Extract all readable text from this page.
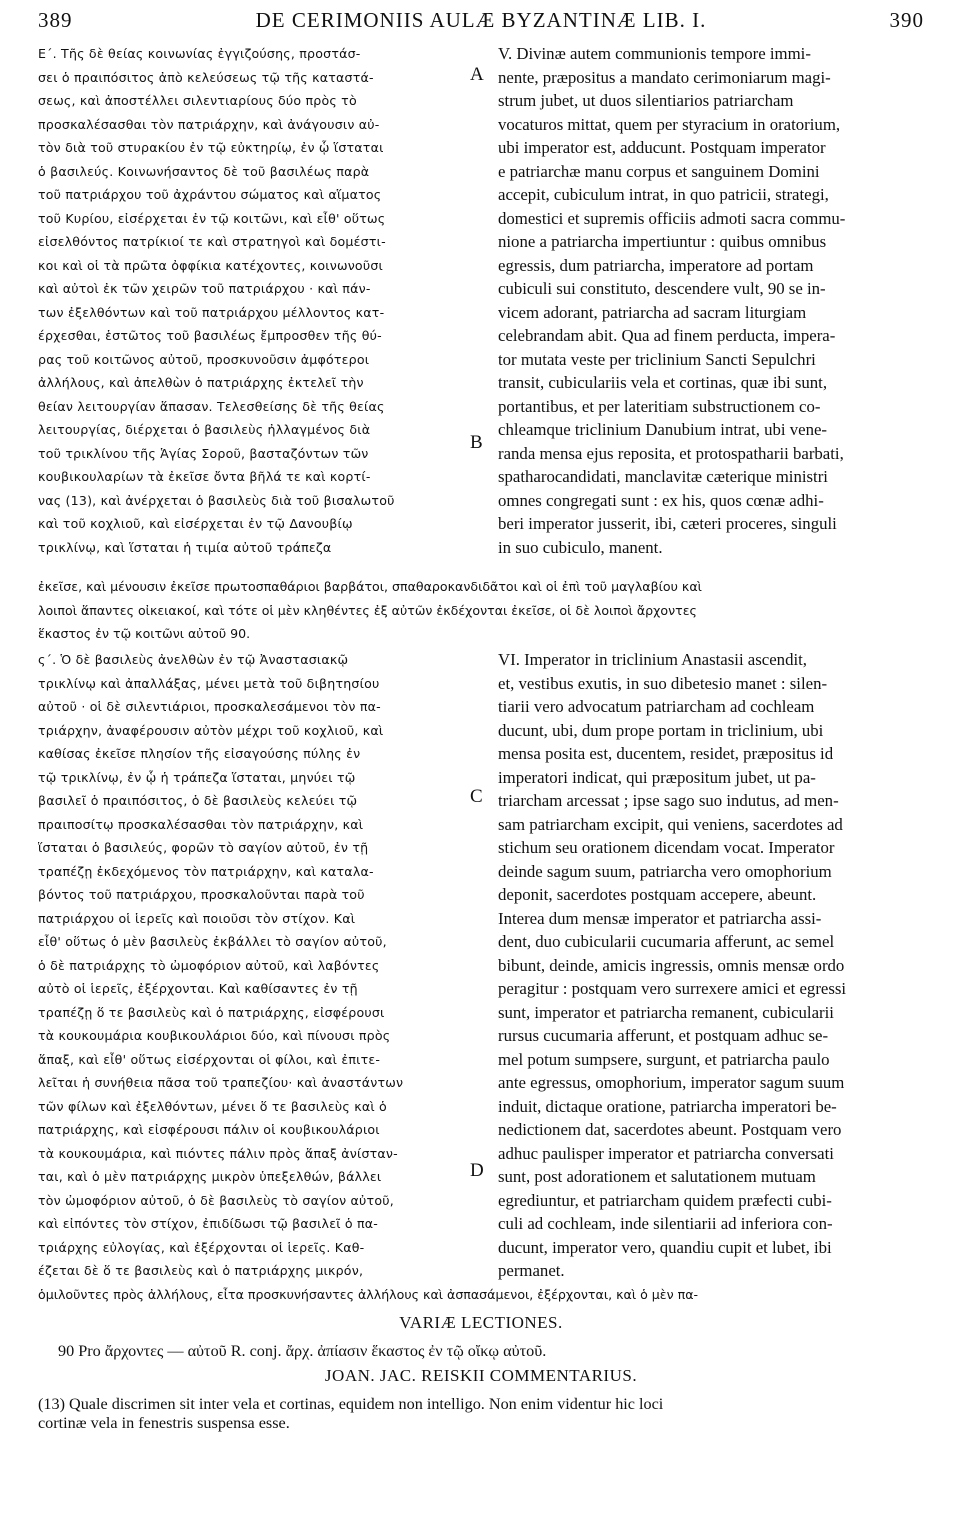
389	DE CERIMONIIS AULÆ BYZANTINÆ LIB. I.	390
Ε΄. Τῆς δὲ θείας κοινωνίας ἐγγιζούσης, προστάσ-
σει ὁ πραιπόσιτος ἀπὸ κελεύσεως τῷ τῆς καταστά-
σεως, καὶ ἀποστέλλει σιλεντιαρίους δύο πρὸς τὸ
προσκαλέσασθαι τὸν πατριάρχην, καὶ ἀνάγουσιν αὐ-
τὸν διὰ τοῦ στυρακίου ἐν τῷ εὐκτηρίῳ, ἐν ᾧ ἵσταται
ὁ βασιλεύς. Κοινωνήσαντος δὲ τοῦ βασιλέως παρὰ
τοῦ πατριάρχου τοῦ ἀχράντου σώματος καὶ αἵματος
τοῦ Κυρίου, εἰσέρχεται ἐν τῷ κοιτῶνι, καὶ εἶθ' οὕτως
εἰσελθόντος πατρίκιοί τε καὶ στρατηγοὶ καὶ δομέστι-
κοι καὶ οἱ τὰ πρῶτα ὀφφίκια κατέχοντες, κοινωνοῦσι
καὶ αὐτοὶ ἐκ τῶν χειρῶν τοῦ πατριάρχου · καὶ πάν-
των ἐξελθόντων καὶ τοῦ πατριάρχου μέλλοντος κατ-
έρχεσθαι, ἑστῶτος τοῦ βασιλέως ἔμπροσθεν τῆς θύ-
ρας τοῦ κοιτῶνος αὐτοῦ, προσκυνοῦσιν ἀμφότεροι
ἀλλήλους, καὶ ἀπελθὼν ὁ πατριάρχης ἐκτελεῖ τὴν
θείαν λειτουργίαν ἅπασαν. Τελεσθείσης δὲ τῆς θείας
λειτουργίας, διέρχεται ὁ βασιλεὺς ἠλλαγμένος διὰ
τοῦ τρικλίνου τῆς Ἁγίας Σοροῦ, βασταζόντων τῶν
κουβικουλαρίων τὰ ἐκεῖσε ὄντα βῆλά τε καὶ κορτί-
νας (13), καὶ ἀνέρχεται ὁ βασιλεὺς διὰ τοῦ βισαλωτοῦ
καὶ τοῦ κοχλιοῦ, καὶ εἰσέρχεται ἐν τῷ Δανουβίῳ
τρικλίνῳ, καὶ ἵσταται ἡ τιμία αὐτοῦ τράπεζα
V. Divinæ autem communionis tempore immi-
nente, præpositus a mandato cerimoniarum magi-
strum jubet, ut duos silentiarios patriarcham
vocaturos mittat, quem per styracium in oratorium,
ubi imperator est, adducunt. Postquam imperator
e patriarchæ manu corpus et sanguinem Domini
accepit, cubiculum intrat, in quo patricii, strategi,
domestici et supremis officiis admoti sacra commu-
nione a patriarcha impertiuntur : quibus omnibus
egressis, dum patriarcha, imperatore ad portam
cubiculi sui constituto, descendere vult, 90 se in-
vicem adorant, patriarcha ad sacram liturgiam
celebrandam abit. Qua ad finem perducta, impera-
tor mutata veste per triclinium Sancti Sepulchri
transit, cubiculariis vela et cortinas, quæ ibi sunt,
portantibus, et per lateritiam substructionem co-
chleamque triclinium Danubium intrat, ubi vene-
randa mensa ejus reposita, et protospatharii barbati,
spatharocandidati, manclavitæ cæterique ministri
omnes congregati sunt : ex his, quos cœnæ adhi-
beri imperator jusserit, ibi, cæteri proceres, singuli
in suo cubiculo, manent.
ἐκεῖσε, καὶ μένουσιν ἐκεῖσε πρωτοσπαθάριοι βαρβάτοι, σπαθαροκανδιδᾶτοι καὶ οἱ ἐπὶ τοῦ μαγλαβίου καὶ
λοιποὶ ἅπαντες οἰκειακοί, καὶ τότε οἱ μὲν κληθέντες ἐξ αὐτῶν ἐκδέχονται ἐκεῖσε, οἱ δὲ λοιποὶ ἄρχοντες
ἕκαστος ἐν τῷ κοιτῶνι αὐτοῦ 90.
ς΄. Ὁ δὲ βασιλεὺς ἀνελθὼν ἐν τῷ Ἀναστασιακῷ
τρικλίνῳ καὶ ἀπαλλάξας, μένει μετὰ τοῦ διβητησίου
αὐτοῦ · οἱ δὲ σιλεντιάριοι, προσκαλεσάμενοι τὸν πα-
τριάρχην, ἀναφέρουσιν αὐτὸν μέχρι τοῦ κοχλιοῦ, καὶ
καθίσας ἐκεῖσε πλησίον τῆς εἰσαγούσης πύλης ἐν
τῷ τρικλίνῳ, ἐν ᾧ ἡ τράπεζα ἵσταται, μηνύει τῷ
βασιλεῖ ὁ πραιπόσιτος, ὁ δὲ βασιλεὺς κελεύει τῷ
πραιποσίτῳ προσκαλέσασθαι τὸν πατριάρχην, καὶ
ἵσταται ὁ βασιλεύς, φορῶν τὸ σαγίον αὐτοῦ, ἐν τῇ
τραπέζῃ ἐκδεχόμενος τὸν πατριάρχην, καὶ καταλα-
βόντος τοῦ πατριάρχου, προσκαλοῦνται παρὰ τοῦ
πατριάρχου οἱ ἱερεῖς καὶ ποιοῦσι τὸν στίχον. Καὶ
εἶθ' οὕτως ὁ μὲν βασιλεὺς ἐκβάλλει τὸ σαγίον αὐτοῦ,
ὁ δὲ πατριάρχης τὸ ὠμοφόριον αὐτοῦ, καὶ λαβόντες
αὐτὸ οἱ ἱερεῖς, ἐξέρχονται. Καὶ καθίσαντες ἐν τῇ
τραπέζῃ ὅ τε βασιλεὺς καὶ ὁ πατριάρχης, εἰσφέρουσι
τὰ κουκουμάρια κουβικουλάριοι δύο, καὶ πίνουσι πρὸς
ἅπαξ, καὶ εἶθ' οὕτως εἰσέρχονται οἱ φίλοι, καὶ ἐπιτε-
λεῖται ἡ συνήθεια πᾶσα τοῦ τραπεζίου· καὶ ἀναστάντων
τῶν φίλων καὶ ἐξελθόντων, μένει ὅ τε βασιλεὺς καὶ ὁ
πατριάρχης, καὶ εἰσφέρουσι πάλιν οἱ κουβικουλάριοι
τὰ κουκουμάρια, καὶ πιόντες πάλιν πρὸς ἅπαξ ἀνίσταν-
ται, καὶ ὁ μὲν πατριάρχης μικρὸν ὑπεξελθών, βάλλει
τὸν ὠμοφόριον αὐτοῦ, ὁ δὲ βασιλεὺς τὸ σαγίον αὐτοῦ,
καὶ εἰπόντες τὸν στίχον, ἐπιδίδωσι τῷ βασιλεῖ ὁ πα-
τριάρχης εὐλογίας, καὶ ἐξέρχονται οἱ ἱερεῖς. Καθ-
έζεται δὲ ὅ τε βασιλεὺς καὶ ὁ πατριάρχης μικρόν,
VI. Imperator in triclinium Anastasii ascendit,
et, vestibus exutis, in suo dibetesio manet : silen-
tiarii vero advocatum patriarcham ad cochleam
ducunt, ubi, dum prope portam in triclinium, ubi
mensa posita est, ducentem, residet, præpositus id
imperatori indicat, qui præpositum jubet, ut pa-
triarcham arcessat ; ipse sago suo indutus, ad men-
sam patriarcham excipit, qui veniens, sacerdotes ad
stichum seu orationem dicendam vocat. Imperator
deinde sagum suum, patriarcha vero omophorium
deponit, sacerdotes postquam accepere, abeunt.
Interea dum mensæ imperator et patriarcha assi-
dent, duo cubicularii cucumaria afferunt, ac semel
bibunt, deinde, amicis ingressis, omnis mensæ ordo
peragitur : postquam vero surrexere amici et egressi
sunt, imperator et patriarcha remanent, cubicularii
rursus cucumaria afferunt, et postquam adhuc se-
mel potum sumpsere, surgunt, et patriarcha paulo
ante egressus, omophorium, imperator sagum suum
induit, dictaque oratione, patriarcha imperatori be-
nedictionem dat, sacerdotes abeunt. Postquam vero
adhuc paulisper imperator et patriarcha conversati
sunt, post adorationem et salutationem mutuam
egrediuntur, et patriarcham quidem præfecti cubi-
culi ad cochleam, inde silentiarii ad inferiora con-
ducunt, imperator vero, quandiu cupit et lubet, ibi
permanet.
ὁμιλοῦντες πρὸς ἀλλήλους, εἶτα προσκυνήσαντες ἀλλήλους καὶ ἀσπασάμενοι, ἐξέρχονται, καὶ ὁ μὲν πα-
A
B
C
D
VARIÆ LECTIONES.
90 Pro ἄρχοντες — αὐτοῦ R. conj. ἄρχ. ἀπίασιν ἕκαστος ἐν τῷ οἴκῳ αὐτοῦ.
JOAN. JAC. REISKII COMMENTARIUS.
(13) Quale discrimen sit inter vela et cortinas, equidem non intelligo. Non enim videntur hic loci
cortinæ vela in fenestris suspensa esse.
